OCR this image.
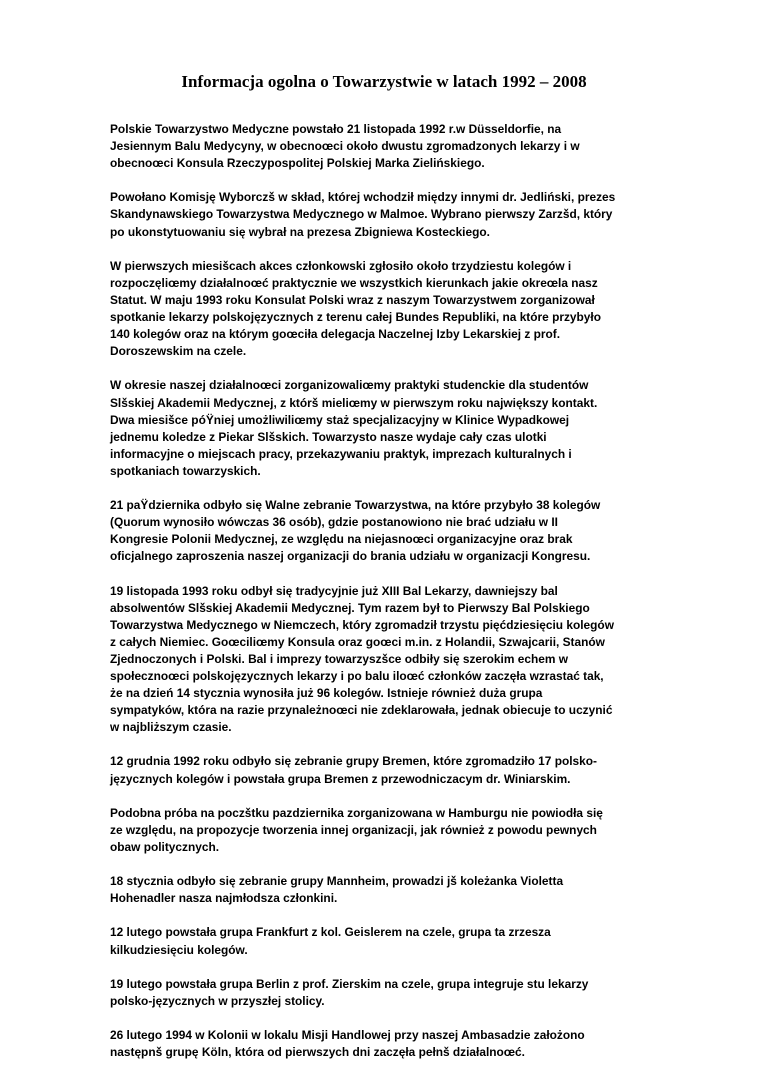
Informacja ogolna o Towarzystwie w latach 1992 – 2008

Polskie Towarzystwo Medyczne powstało 21 listopada 1992 r.w Düsseldorfie, na
Jesiennym Balu Medycyny, w obecnoœci około dwustu zgromadzonych lekarzy i w
obecnoœci Konsula Rzeczypospolitej Polskiej Marka Zielińskiego.

Powołano Komisję Wyborczš w skład, której wchodził między innymi dr. Jedliński, prezes
Skandynawskiego Towarzystwa Medycznego w Malmoe. Wybrano pierwszy Zarzšd, który
po ukonstytuowaniu się wybrał na prezesa Zbigniewa Kosteckiego.

W pierwszych miesišcach akces członkowski zgłosiło około trzydziestu kolegów i
rozpoczęliœmy działalnoœć praktycznie we wszystkich kierunkach jakie okreœla nasz
Statut. W maju 1993 roku Konsulat Polski wraz z naszym Towarzystwem zorganizował
spotkanie lekarzy polskojęzycznych z terenu całej Bundes Republiki, na które przybyło
140 kolegów oraz na którym goœciła delegacja Naczelnej Izby Lekarskiej z prof.
Doroszewskim na czele.

W okresie naszej działalnoœci zorganizowaliœmy praktyki studenckie dla studentów
Slšskiej Akademii Medycznej, z którš mieliœmy w pierwszym roku największy kontakt.
Dwa miesišce póŸniej umożliwiliœmy staż specjalizacyjny w Klinice Wypadkowej
jednemu koledze z Piekar Slšskich. Towarzysto nasze wydaje cały czas ulotki
informacyjne o miejscach pracy, przekazywaniu praktyk, imprezach kulturalnych i
spotkaniach towarzyskich.

21 paŸdziernika odbyło się Walne zebranie Towarzystwa, na które przybyło 38 kolegów
(Quorum wynosiło wówczas 36 osób), gdzie postanowiono nie brać udziału w II
Kongresie Polonii Medycznej, ze względu na niejasnoœci organizacyjne oraz brak
oficjalnego zaproszenia naszej organizacji do brania udziału w organizacji Kongresu.

19 listopada 1993 roku odbył się tradycyjnie już XIII Bal Lekarzy, dawniejszy bal
absolwentów Slšskiej Akademii Medycznej. Tym razem był to Pierwszy Bal Polskiego
Towarzystwa Medycznego w Niemczech, który zgromadził trzystu pięćdziesięciu kolegów
z całych Niemiec. Goœciliœmy Konsula oraz goœci m.in. z Holandii, Szwajcarii, Stanów
Zjednoczonych i Polski. Bal i imprezy towarzyszšce odbiły się szerokim echem w
społecznoœci polskojęzycznych lekarzy i po balu iloœć członków zaczęła wzrastać tak,
że na dzień 14 stycznia wynosiła już 96 kolegów. Istnieje również duża grupa
sympatyków, która na razie przynależnoœci nie zdeklarowała, jednak obiecuje to uczynić
w najbliższym czasie.

12 grudnia 1992 roku odbyło się zebranie grupy Bremen, które zgromadziło 17 polsko-
języcznych kolegów i powstała grupa Bremen z przewodniczacym dr. Winiarskim.

Podobna próba na poczštku pazdziernika zorganizowana w Hamburgu nie powiodła się
ze względu, na propozycje tworzenia innej organizacji, jak również z powodu pewnych
obaw politycznych.

18 stycznia odbyło się zebranie grupy Mannheim, prowadzi jš koleżanka Violetta
Hohenadler nasza najmłodsza członkini.

12 lutego powstała grupa Frankfurt z kol. Geislerem na czele, grupa ta zrzesza
kilkudziesięciu kolegów.

19 lutego powstała grupa Berlin z prof. Zierskim na czele, grupa integruje stu lekarzy
polsko-języcznych w przyszłej stolicy.

26 lutego 1994 w Kolonii w lokalu Misji Handlowej przy naszej Ambasadzie założono
następnš grupę Köln, która od pierwszych dni zaczęła pełnš działalnoœć.
